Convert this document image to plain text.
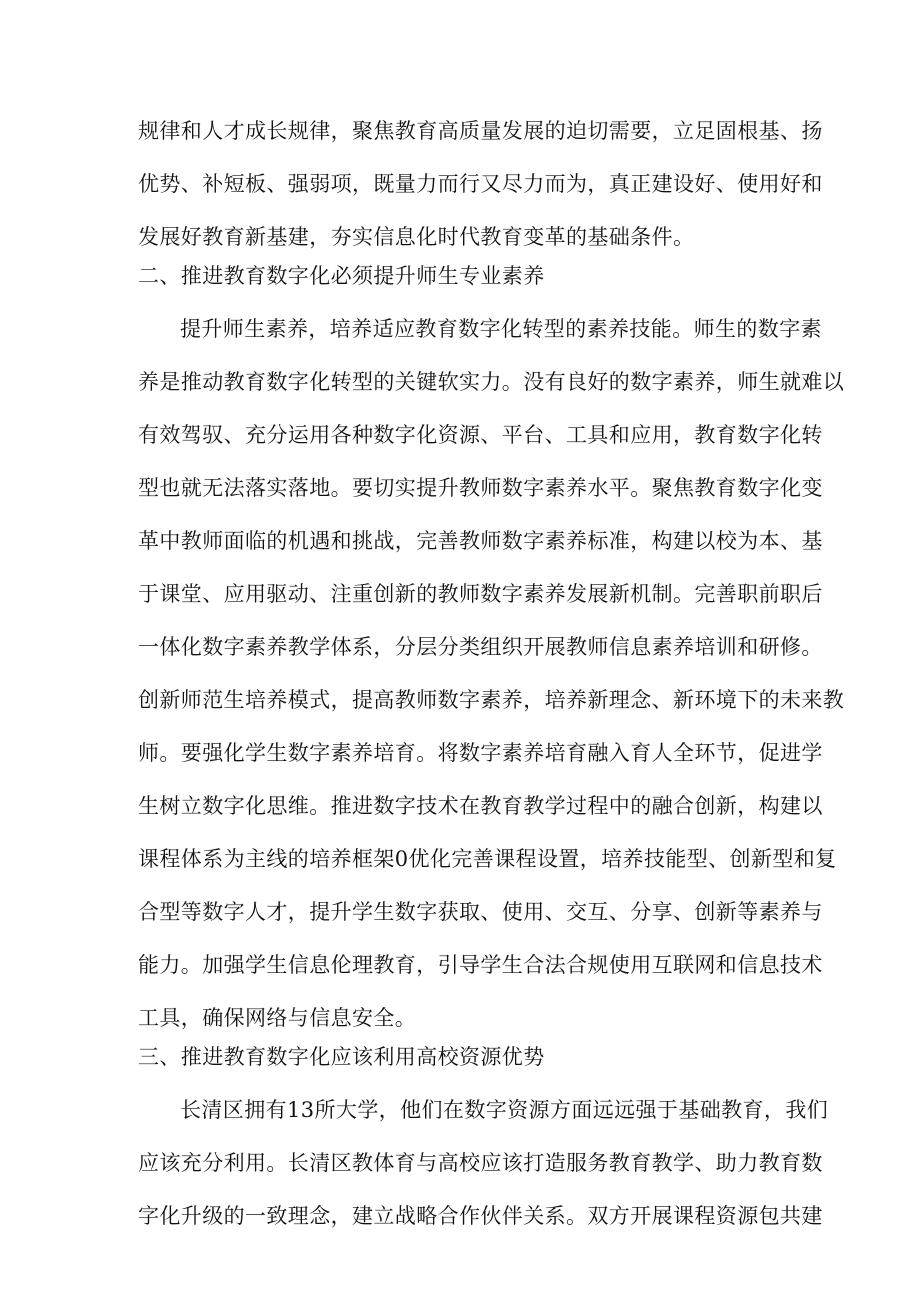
规律和人才成长规律，聚焦教育高质量发展的迫切需要，立足固根基、扬
优势、补短板、强弱项，既量力而行又尽力而为，真正建设好、使用好和
发展好教育新基建，夯实信息化时代教育变革的基础条件。
二、推进教育数字化必须提升师生专业素养
提升师生素养，培养适应教育数字化转型的素养技能。师生的数字素
养是推动教育数字化转型的关键软实力。没有良好的数字素养，师生就难以
有效驾驭、充分运用各种数字化资源、平台、工具和应用，教育数字化转
型也就无法落实落地。要切实提升教师数字素养水平。聚焦教育数字化变
革中教师面临的机遇和挑战，完善教师数字素养标准，构建以校为本、基
于课堂、应用驱动、注重创新的教师数字素养发展新机制。完善职前职后
一体化数字素养教学体系，分层分类组织开展教师信息素养培训和研修。
创新师范生培养模式，提高教师数字素养，培养新理念、新环境下的未来教
师。要强化学生数字素养培育。将数字素养培育融入育人全环节，促进学
生树立数字化思维。推进数字技术在教育教学过程中的融合创新，构建以
课程体系为主线的培养框架0优化完善课程设置，培养技能型、创新型和复
合型等数字人才，提升学生数字获取、使用、交互、分享、创新等素养与
能力。加强学生信息伦理教育，引导学生合法合规使用互联网和信息技术
工具，确保网络与信息安全。
三、推进教育数字化应该利用高校资源优势
长清区拥有13所大学，他们在数字资源方面远远强于基础教育，我们
应该充分利用。长清区教体育与高校应该打造服务教育教学、助力教育数
字化升级的一致理念，建立战略合作伙伴关系。双方开展课程资源包共建
